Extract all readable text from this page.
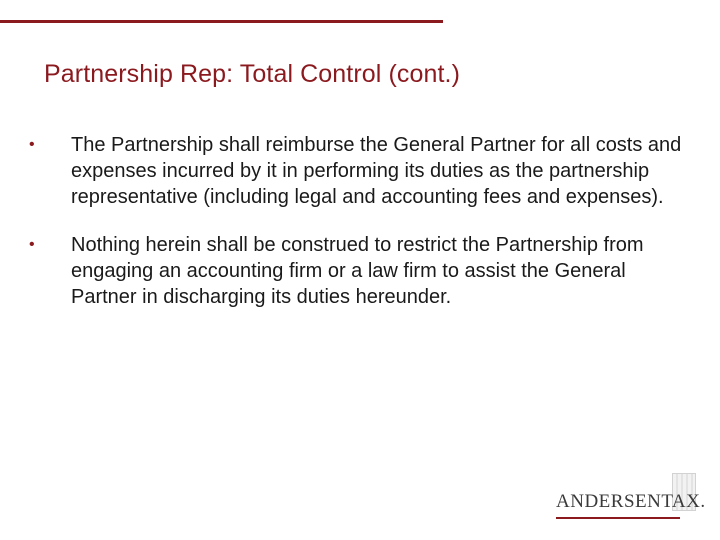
Partnership Rep: Total Control (cont.)
•	The Partnership shall reimburse the General Partner for all costs and expenses incurred by it in performing its duties as the partnership representative (including legal and accounting fees and expenses).
•	Nothing herein shall be construed to restrict the Partnership from engaging an accounting firm or a law firm to assist the General Partner in discharging its duties hereunder.
ANDERSENTAX.
